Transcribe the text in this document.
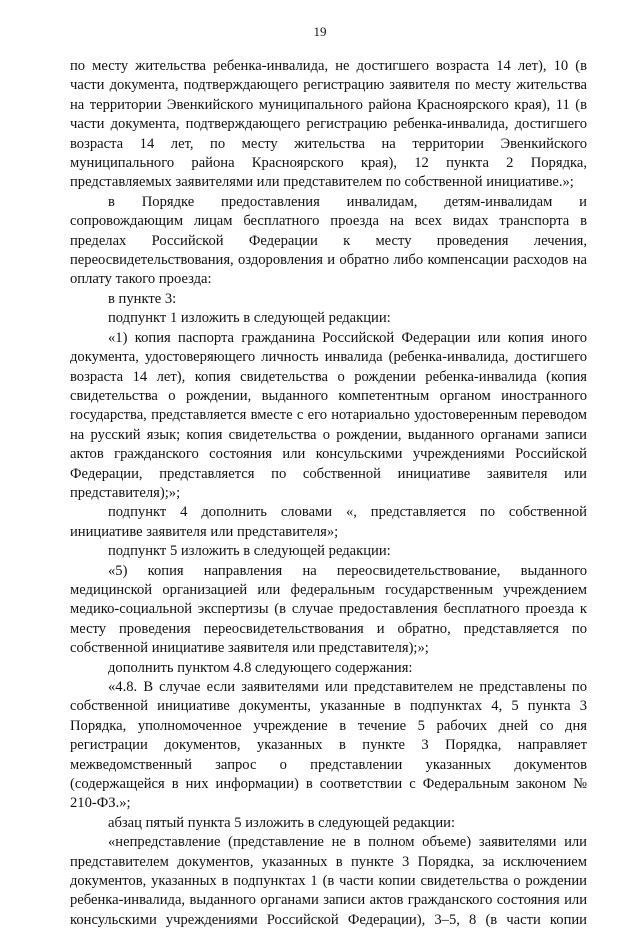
19

по месту жительства ребенка-инвалида, не достигшего возраста 14 лет), 10 (в части документа, подтверждающего регистрацию заявителя по месту жительства на территории Эвенкийского муниципального района Красноярского края), 11 (в части документа, подтверждающего регистрацию ребенка-инвалида, достигшего возраста 14 лет, по месту жительства на территории Эвенкийского муниципального района Красноярского края), 12 пункта 2 Порядка, представляемых заявителями или представителем по собственной инициативе.»;

в Порядке предоставления инвалидам, детям-инвалидам и сопровождающим лицам бесплатного проезда на всех видах транспорта в пределах Российской Федерации к месту проведения лечения, переосвидетельствования, оздоровления и обратно либо компенсации расходов на оплату такого проезда:

в пункте 3:

подпункт 1 изложить в следующей редакции:

«1) копия паспорта гражданина Российской Федерации или копия иного документа, удостоверяющего личность инвалида (ребенка-инвалида, достигшего возраста 14 лет), копия свидетельства о рождении ребенка-инвалида (копия свидетельства о рождении, выданного компетентным органом иностранного государства, представляется вместе с его нотариально удостоверенным переводом на русский язык; копия свидетельства о рождении, выданного органами записи актов гражданского состояния или консульскими учреждениями Российской Федерации, представляется по собственной инициативе заявителя или представителя);»;

подпункт 4 дополнить словами «, представляется по собственной инициативе заявителя или представителя»;

подпункт 5 изложить в следующей редакции:

«5) копия направления на переосвидетельствование, выданного медицинской организацией или федеральным государственным учреждением медико-социальной экспертизы (в случае предоставления бесплатного проезда к месту проведения переосвидетельствования и обратно, представляется по собственной инициативе заявителя или представителя);»;

дополнить пунктом 4.8 следующего содержания:

«4.8. В случае если заявителями или представителем не представлены по собственной инициативе документы, указанные в подпунктах 4, 5 пункта 3 Порядка, уполномоченное учреждение в течение 5 рабочих дней со дня регистрации документов, указанных в пункте 3 Порядка, направляет межведомственный запрос о представлении указанных документов (содержащейся в них информации) в соответствии с Федеральным законом № 210-ФЗ.»;

абзац пятый пункта 5 изложить в следующей редакции:

«непредставление (представление не в полном объеме) заявителями или представителем документов, указанных в пункте 3 Порядка, за исключением документов, указанных в подпунктах 1 (в части копии свидетельства о рождении ребенка-инвалида, выданного органами записи актов гражданского состояния или консульскими учреждениями Российской Федерации), 3–5, 8 (в части копии
